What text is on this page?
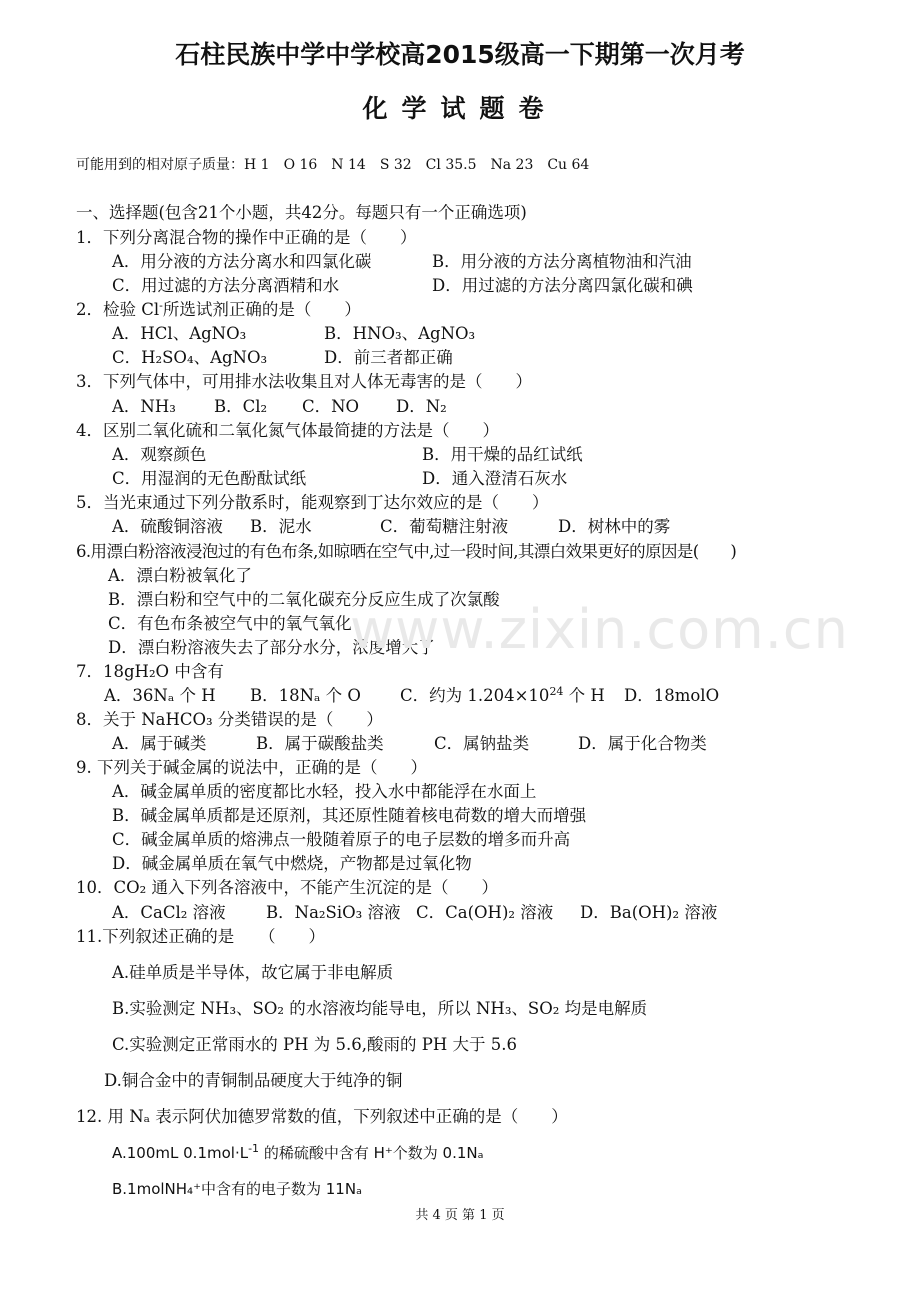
石柱民族中学中学校高2015级高一下期第一次月考
化学试题卷
可能用到的相对原子质量：H 1　O 16　N 14　S 32　Cl 35.5　Na 23　Cu 64
一、选择题(包含21个小题，共42分。每题只有一个正确选项)
1．下列分离混合物的操作中正确的是（　　）
A．用分液的方法分离水和四氯化碳	B．用分液的方法分离植物油和汽油
C．用过滤的方法分离酒精和水	D．用过滤的方法分离四氯化碳和碘
2．检验 Cl-所选试剂正确的是（　　）
A．HCl、AgNO₃	B．HNO₃、AgNO₃
C．H₂SO₄、AgNO₃	D．前三者都正确
3．下列气体中，可用排水法收集且对人体无毒害的是（　　）
A．NH₃ B．Cl₂ C．NO D．N₂
4．区别二氧化硫和二氧化氮气体最简捷的方法是（　　）
A．观察颜色	B．用干燥的品红试纸
C．用湿润的无色酚酞试纸	D．通入澄清石灰水
5．当光束通过下列分散系时，能观察到丁达尔效应的是（　　）
A．硫酸铜溶液 B．泥水	C．葡萄糖注射液	D．树林中的雾
6.用漂白粉溶液浸泡过的有色布条,如晾晒在空气中,过一段时间,其漂白效果更好的原因是(　　)
A．漂白粉被氧化了
B．漂白粉和空气中的二氧化碳充分反应生成了次氯酸
C．有色布条被空气中的氧气氧化
D．漂白粉溶液失去了部分水分，浓度增大了
7．18gH₂O 中含有
A．36Nₐ 个 H B．18Nₐ 个 O C．约为 $1.204\times 10^{24}$ 个 H D．18molO
8．关于 NaHCO₃ 分类错误的是（　　）
A．属于碱类	B．属于碳酸盐类	C．属钠盐类	D．属于化合物类
9. 下列关于碱金属的说法中，正确的是（　　）
A．碱金属单质的密度都比水轻，投入水中都能浮在水面上
B．碱金属单质都是还原剂，其还原性随着核电荷数的增大而增强
C．碱金属单质的熔沸点一般随着原子的电子层数的增多而升高
D．碱金属单质在氧气中燃烧，产物都是过氧化物
10．CO₂ 通入下列各溶液中，不能产生沉淀的是（　　）
A．CaCl₂ 溶液 B．Na₂SiO₃ 溶液 C．Ca(OH)₂ 溶液 D．Ba(OH)₂ 溶液
11.下列叙述正确的是　　（　　）
A.硅单质是半导体，故它属于非电解质
B.实验测定 NH₃、SO₂ 的水溶液均能导电，所以 NH₃、SO₂ 均是电解质
C.实验测定正常雨水的 PH 为 5.6,酸雨的 PH 大于 5.6
D.铜合金中的青铜制品硬度大于纯净的铜
12. 用 Nₐ 表示阿伏加德罗常数的值，下列叙述中正确的是（　　）
A.100mL $0.1mol\cdot L^{-1}$ 的稀硫酸中含有 H⁺个数为 0.1Nₐ
B.1molNH₄⁺中含有的电子数为 11Nₐ
共 4 页 第 1 页
www.zixin.com.cn
